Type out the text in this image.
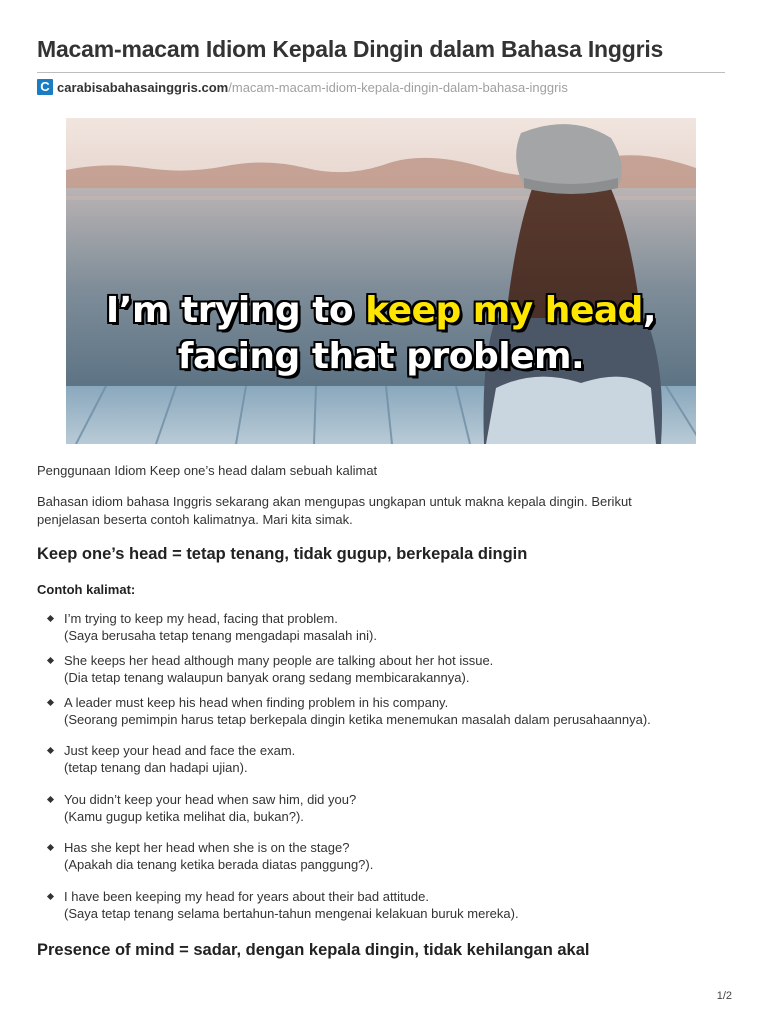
Macam-macam Idiom Kepala Dingin dalam Bahasa Inggris
C carabisabahasainggris.com /macam-macam-idiom-kepala-dingin-dalam-bahasa-inggris
I’m trying to keep my head,
facing that problem.

Penggunaan Idiom Keep one’s head dalam sebuah kalimat

Bahasan idiom bahasa Inggris sekarang akan mengupas ungkapan untuk makna kepala dingin. Berikut
penjelasan beserta contoh kalimatnya. Mari kita simak.
Keep one’s head = tetap tenang, tidak gugup, berkepala dingin

Contoh kalimat:

I’m trying to keep my head, facing that problem.
(Saya berusaha tetap tenang mengadapi masalah ini).
She keeps her head although many people are talking about her hot issue.
(Dia tetap tenang walaupun banyak orang sedang membicarakannya).
A leader must keep his head when finding problem in his company.
(Seorang pemimpin harus tetap berkepala dingin ketika menemukan masalah dalam perusahaannya).
Just keep your head and face the exam.
(tetap tenang dan hadapi ujian).
You didn’t keep your head when saw him, did you?
(Kamu gugup ketika melihat dia, bukan?).
Has she kept her head when she is on the stage?
(Apakah dia tenang ketika berada diatas panggung?).
I have been keeping my head for years about their bad attitude.
(Saya tetap tenang selama bertahun-tahun mengenai kelakuan buruk mereka).
Presence of mind = sadar, dengan kepala dingin, tidak kehilangan akal
1/2
